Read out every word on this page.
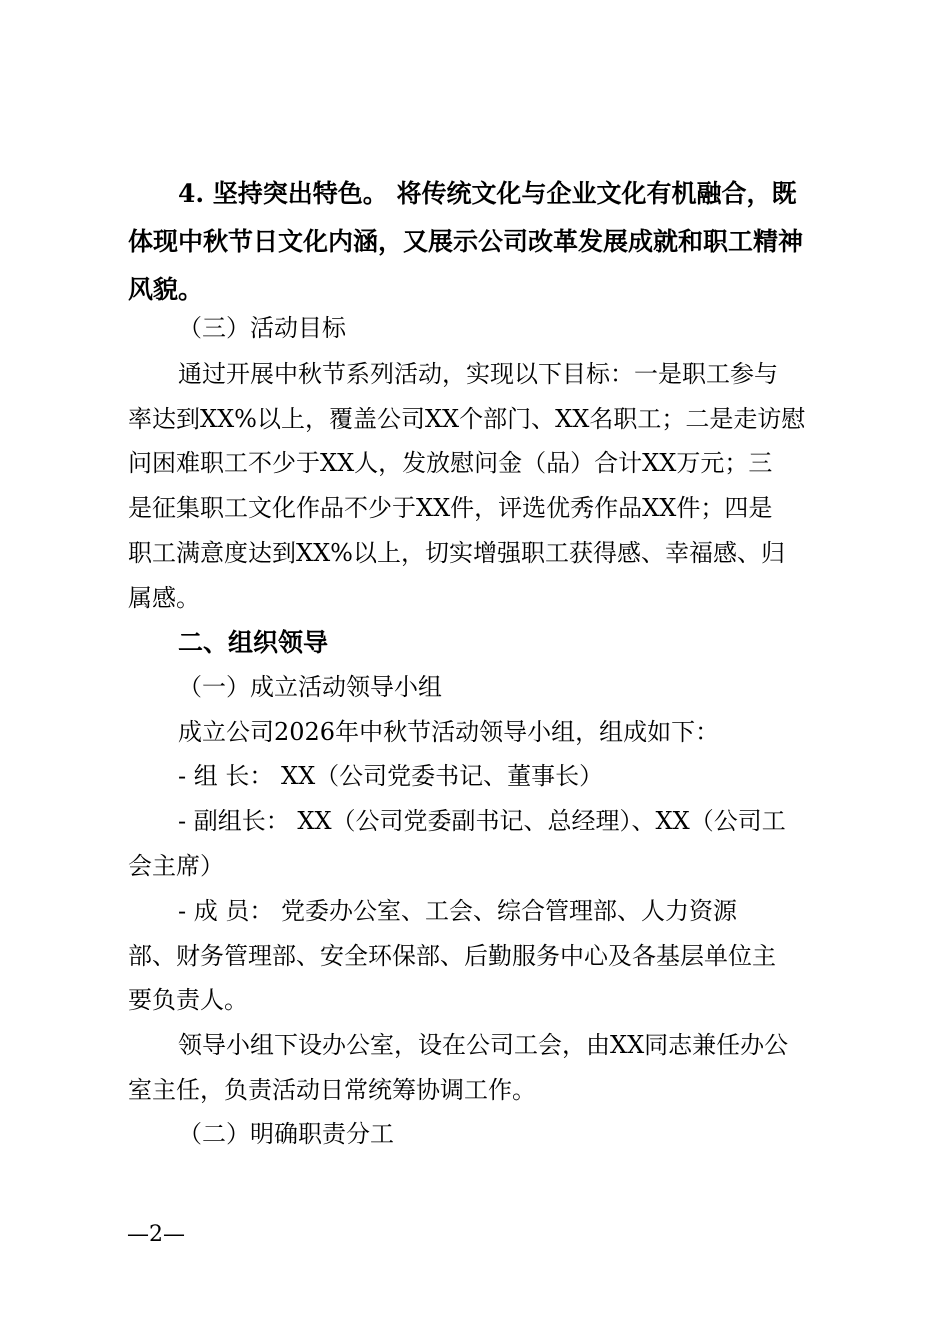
4. 坚持突出特色。 将传统文化与企业文化有机融合，既
体现中秋节日文化内涵，又展示公司改革发展成就和职工精神
风貌。
（三）活动目标
通过开展中秋节系列活动，实现以下目标：一是职工参与
率达到XX%以上，覆盖公司XX个部门、XX名职工；二是走访慰
问困难职工不少于XX人，发放慰问金（品）合计XX万元；三
是征集职工文化作品不少于XX件，评选优秀作品XX件；四是
职工满意度达到XX%以上，切实增强职工获得感、幸福感、归
属感。
二、组织领导
（一）成立活动领导小组
成立公司2026年中秋节活动领导小组，组成如下：
- 组 长： XX（公司党委书记、董事长）
- 副组长： XX（公司党委副书记、总经理）、XX（公司工
会主席）
- 成 员： 党委办公室、工会、综合管理部、人力资源
部、财务管理部、安全环保部、后勤服务中心及各基层单位主
要负责人。
领导小组下设办公室，设在公司工会，由XX同志兼任办公
室主任，负责活动日常统筹协调工作。
（二）明确职责分工
—2—
